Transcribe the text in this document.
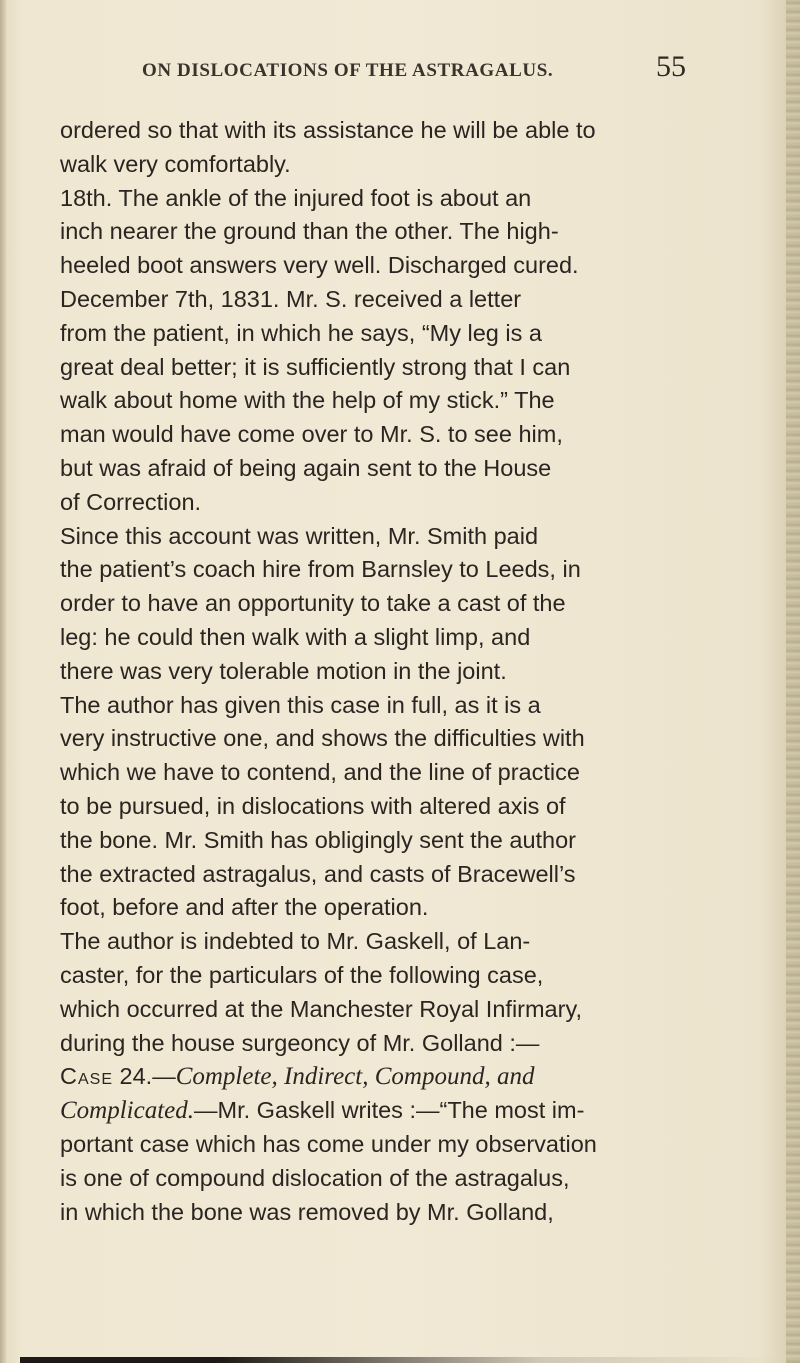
ON DISLOCATIONS OF THE ASTRAGALUS.	55
ordered so that with its assistance he will be able to
walk very comfortably.
18th. The ankle of the injured foot is about an
inch nearer the ground than the other. The high-
heeled boot answers very well. Discharged cured.
December 7th, 1831. Mr. S. received a letter
from the patient, in which he says, “My leg is a
great deal better; it is sufficiently strong that I can
walk about home with the help of my stick.” The
man would have come over to Mr. S. to see him,
but was afraid of being again sent to the House
of Correction.
Since this account was written, Mr. Smith paid
the patient’s coach hire from Barnsley to Leeds, in
order to have an opportunity to take a cast of the
leg: he could then walk with a slight limp, and
there was very tolerable motion in the joint.
The author has given this case in full, as it is a
very instructive one, and shows the difficulties with
which we have to contend, and the line of practice
to be pursued, in dislocations with altered axis of
the bone. Mr. Smith has obligingly sent the author
the extracted astragalus, and casts of Bracewell’s
foot, before and after the operation.
The author is indebted to Mr. Gaskell, of Lan-
caster, for the particulars of the following case,
which occurred at the Manchester Royal Infirmary,
during the house surgeoncy of Mr. Golland :—
Case 24.—Complete, Indirect, Compound, and
Complicated.—Mr. Gaskell writes :—“The most im-
portant case which has come under my observation
is one of compound dislocation of the astragalus,
in which the bone was removed by Mr. Golland,
